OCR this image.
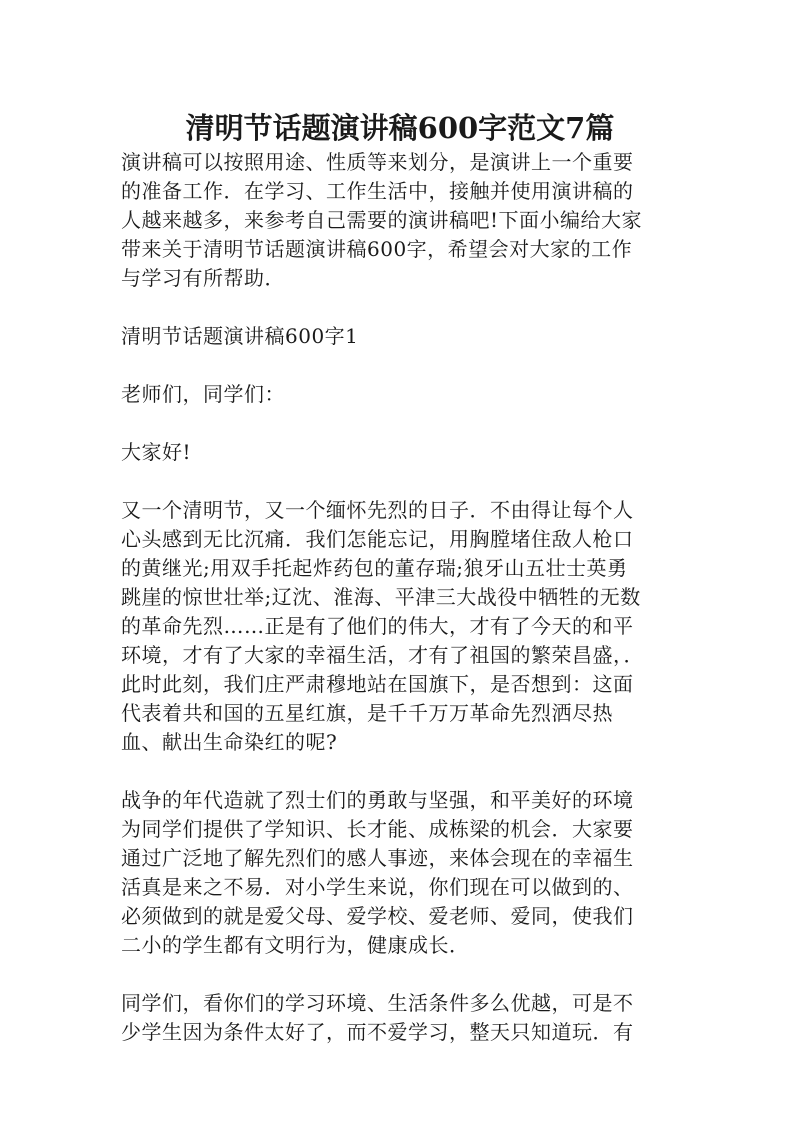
清明节话题演讲稿600字范文7篇
演讲稿可以按照用途、性质等来划分，是演讲上一个重要
的准备工作．在学习、工作生活中，接触并使用演讲稿的
人越来越多，来参考自己需要的演讲稿吧!下面小编给大家
带来关于清明节话题演讲稿600字，希望会对大家的工作
与学习有所帮助．
清明节话题演讲稿600字1
老师们，同学们：
大家好!
又一个清明节，又一个缅怀先烈的日子．不由得让每个人
心头感到无比沉痛．我们怎能忘记，用胸膛堵住敌人枪口
的黄继光;用双手托起炸药包的董存瑞;狼牙山五壮士英勇
跳崖的惊世壮举;辽沈、淮海、平津三大战役中牺牲的无数
的革命先烈……正是有了他们的伟大，才有了今天的和平
环境，才有了大家的幸福生活，才有了祖国的繁荣昌盛，．
此时此刻，我们庄严肃穆地站在国旗下，是否想到：这面
代表着共和国的五星红旗，是千千万万革命先烈洒尽热
血、献出生命染红的呢?
战争的年代造就了烈士们的勇敢与坚强，和平美好的环境
为同学们提供了学知识、长才能、成栋梁的机会．大家要
通过广泛地了解先烈们的感人事迹，来体会现在的幸福生
活真是来之不易．对小学生来说，你们现在可以做到的、
必须做到的就是爱父母、爱学校、爱老师、爱同，使我们
二小的学生都有文明行为，健康成长．
同学们，看你们的学习环境、生活条件多么优越，可是不
少学生因为条件太好了，而不爱学习，整天只知道玩．有
